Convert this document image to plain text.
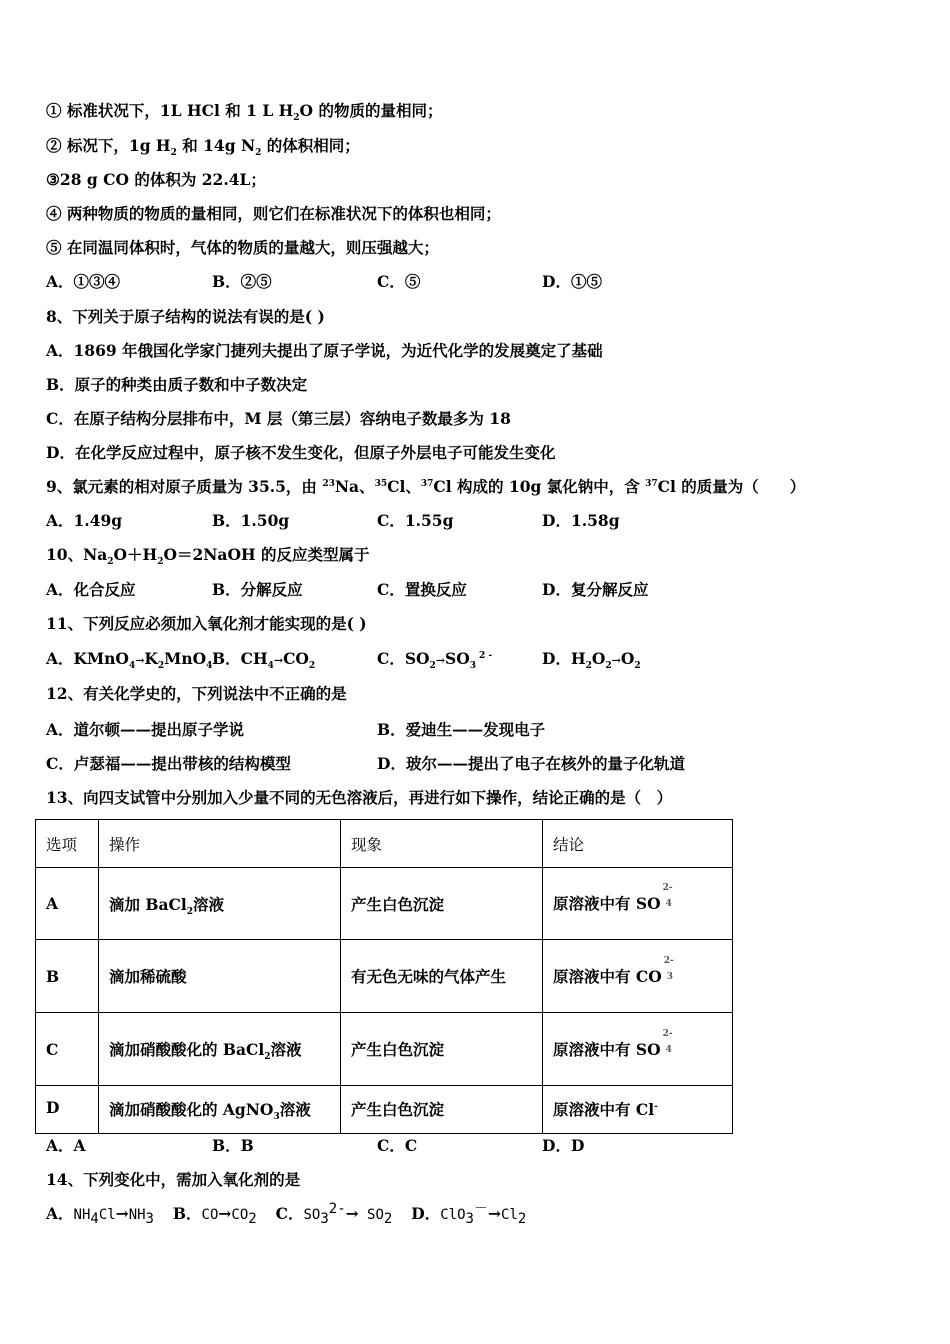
① 标准状况下，1L HCl 和 1 L $H_2O$ 的物质的量相同；
② 标况下，1g $H_2$ 和 14g $N_2$ 的体积相同；
③28 g CO 的体积为 22.4L；
④ 两种物质的物质的量相同，则它们在标准状况下的体积也相同；
⑤ 在同温同体积时，气体的物质的量越大，则压强越大；
A．①③④	B．②⑤	C．⑤	D．①⑤
8、下列关于原子结构的说法有误的是( )
A．1869 年俄国化学家门捷列夫提出了原子学说，为近代化学的发展奠定了基础
B．原子的种类由质子数和中子数决定
C．在原子结构分层排布中，M 层（第三层）容纳电子数最多为 18
D．在化学反应过程中，原子核不发生变化，但原子外层电子可能发生变化
9、氯元素的相对原子质量为 35.5，由 $^{23}$Na、$^{35}$Cl、$^{37}$Cl 构成的 10g 氯化钠中，含 $^{37}$Cl 的质量为（　　）
A．1.49g	B．1.50g	C．1.55g	D．1.58g
10、$Na_2O+H_2O=2NaOH$ 的反应类型属于
A．化合反应	B．分解反应	C．置换反应	D．复分解反应
11、下列反应必须加入氧化剂才能实现的是( )
A．$KMnO_4\to K_2MnO_4$ B．$CH_4\to CO_2$	C．$SO_2\to SO_3^{2 -}$	D．$H_2O_2\to O_2$
12、有关化学史的，下列说法中不正确的是
A．道尔顿——提出原子学说	B．爱迪生——发现电子
C．卢瑟福——提出带核的结构模型	D．玻尔——提出了电子在核外的量子化轨道
13、向四支试管中分别加入少量不同的无色溶液后，再进行如下操作，结论正确的是（　）
选项	操作	现象	结论
A	滴加 BaCl$_2$溶液	产生白色沉淀	原溶液中有 SO
2-
4

B	滴加稀硫酸	有无色无味的气体产生	原溶液中有 CO
2-
3

C	滴加硝酸酸化的 BaCl$_2$溶液	产生白色沉淀	原溶液中有 SO
2-
4

D	滴加硝酸酸化的 AgNO$_3$溶液	产生白色沉淀	原溶液中有 Cl-
A．A	B．B	C．C	D．D
14、下列变化中，需加入氧化剂的是
A．$NH_4Cl\to NH_3$ B．$CO\to CO_2$ C．$SO_3^{2-}\to SO_2$ D．$ClO_3^-\to Cl_2$
